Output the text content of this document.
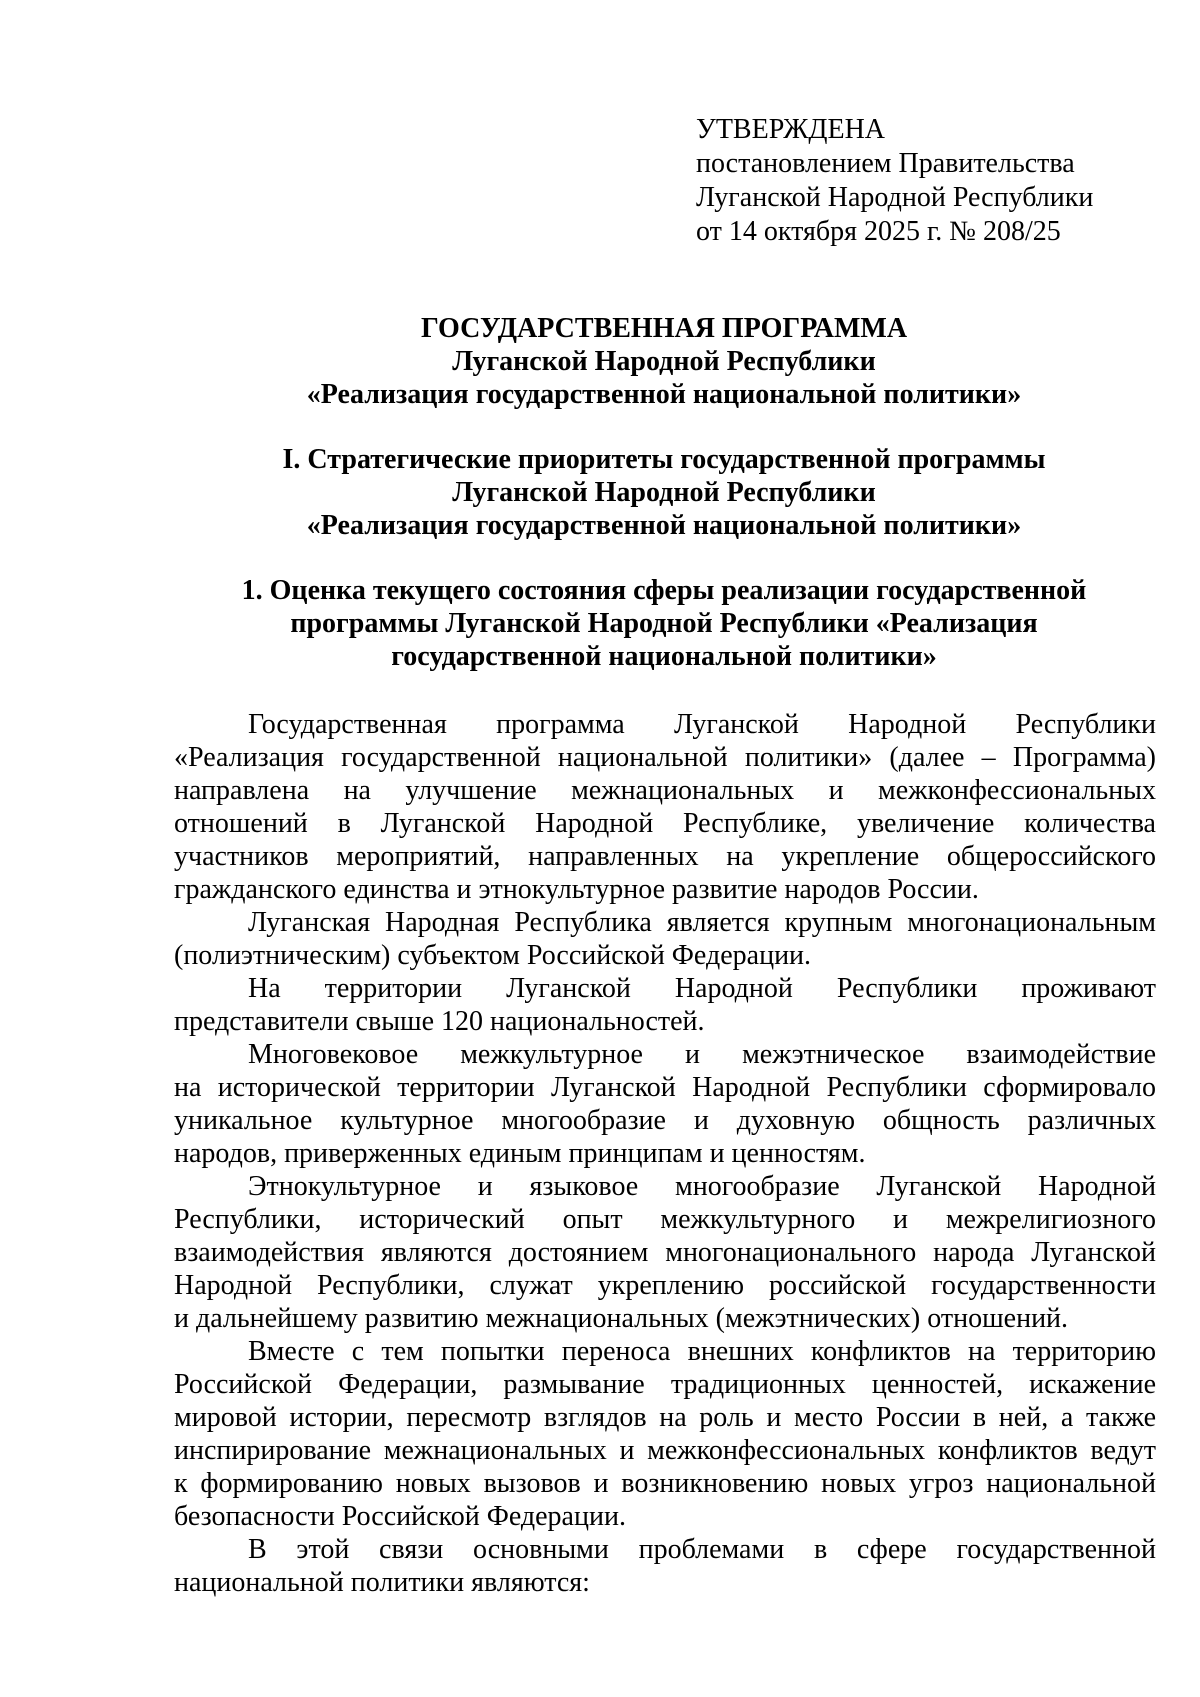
УТВЕРЖДЕНА
постановлением Правительства
Луганской Народной Республики
от 14 октября 2025 г. № 208/25
ГОСУДАРСТВЕННАЯ ПРОГРАММА
Луганской Народной Республики
«Реализация государственной национальной политики»
I. Стратегические приоритеты государственной программы
Луганской Народной Республики
«Реализация государственной национальной политики»
1. Оценка текущего состояния сферы реализации государственной
программы Луганской Народной Республики «Реализация
государственной национальной политики»
Государственная программа Луганской Народной Республики
«Реализация государственной национальной политики» (далее – Программа)
направлена на улучшение межнациональных и межконфессиональных
отношений в Луганской Народной Республике, увеличение количества
участников мероприятий, направленных на укрепление общероссийского
гражданского единства и этнокультурное развитие народов России.
Луганская Народная Республика является крупным многонациональным
(полиэтническим) субъектом Российской Федерации.
На территории Луганской Народной Республики проживают
представители свыше 120 национальностей.
Многовековое межкультурное и межэтническое взаимодействие
на исторической территории Луганской Народной Республики сформировало
уникальное культурное многообразие и духовную общность различных
народов, приверженных единым принципам и ценностям.
Этнокультурное и языковое многообразие Луганской Народной
Республики, исторический опыт межкультурного и межрелигиозного
взаимодействия являются достоянием многонационального народа Луганской
Народной Республики, служат укреплению российской государственности
и дальнейшему развитию межнациональных (межэтнических) отношений.
Вместе с тем попытки переноса внешних конфликтов на территорию
Российской Федерации, размывание традиционных ценностей, искажение
мировой истории, пересмотр взглядов на роль и место России в ней, а также
инспирирование межнациональных и межконфессиональных конфликтов ведут
к формированию новых вызовов и возникновению новых угроз национальной
безопасности Российской Федерации.
В этой связи основными проблемами в сфере государственной
национальной политики являются:
